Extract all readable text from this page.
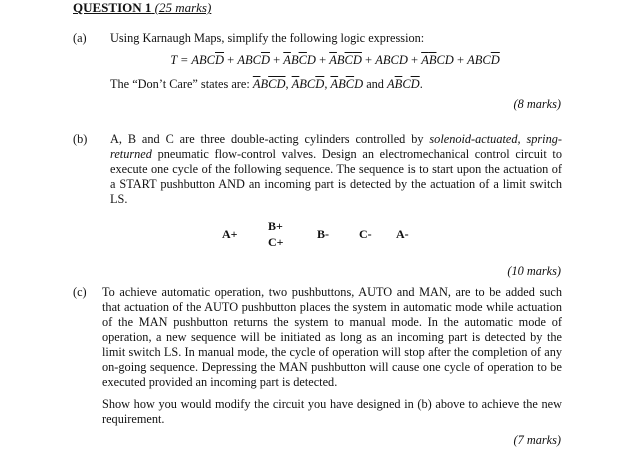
QUESTION 1 (25 marks)
(a) Using Karnaugh Maps, simplify the following logic expression:
$T = ABC\overline{D} + ABC\overline{D} + \overline{A}B\overline{C}D + \overline{A}B\overline{C}\overline{D}$ + ABCD + $\overline{A}\overline{B}CD + ABC\overline{D}$
The “Don’t Care” states are: $\overline{A}B\overline{CD}$, $\overline{A}BC\overline{D}$, $\overline{A}B\overline{C}D$ and $A\overline{B}C\overline{D}$.
(8 marks)
(b) A, B and C are three double-acting cylinders controlled by solenoid-actuated, spring-returned pneumatic flow-control valves. Design an electromechanical control circuit to execute one cycle of the following sequence. The sequence is to start upon the actuation of a START pushbutton AND an incoming part is detected by the actuation of a limit switch LS.
A+
B+
C+
B-	C- A-
(10 marks)
(c) To achieve automatic operation, two pushbuttons, AUTO and MAN, are to be added such that actuation of the AUTO pushbutton places the system in automatic mode while actuation of the MAN pushbutton returns the system to manual mode. In the automatic mode of operation, a new sequence will be initiated as long as an incoming part is detected by the limit switch LS. In manual mode, the cycle of operation will stop after the completion of any on-going sequence. Depressing the MAN pushbutton will cause one cycle of operation to be executed provided an incoming part is detected.
Show how you would modify the circuit you have designed in (b) above to achieve the new requirement.
(7 marks)
